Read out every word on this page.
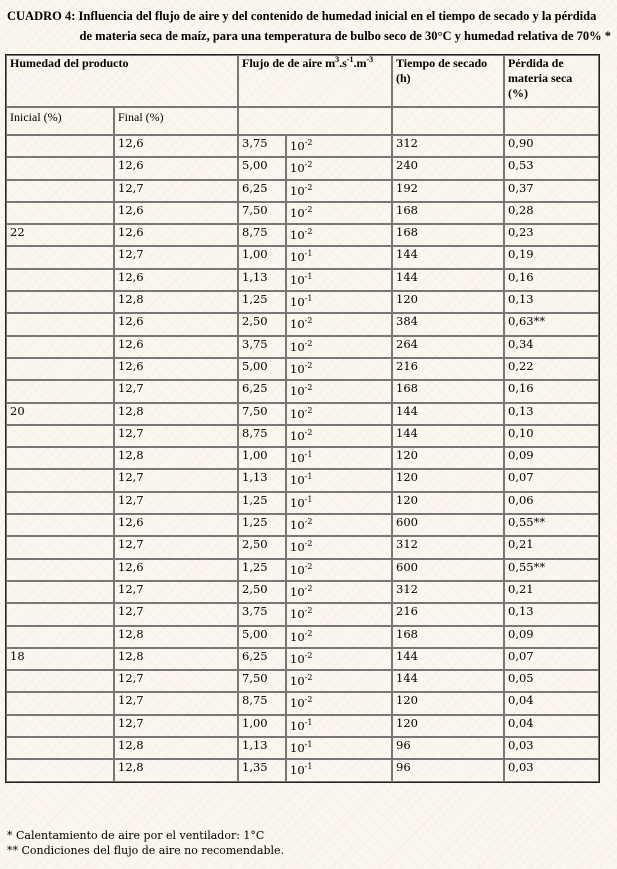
CUADRO 4: Influencia del flujo de aire y del contenido de humedad inicial en el tiempo de secado y la pérdida
de materia seca de maíz, para una temperatura de bulbo seco de 30°C y humedad relativa de 70% *
Humedad del producto		Flujo de de aire $m^3.s^{-1}.m^{-3}$		Tiempo de secado
(h)	Pérdida de
materia seca
(%)
Inicial (%)	Final (%)				
	12,6	3,75	$10^{-2}$	312	0,90
	12,6	5,00	$10^{-2}$	240	0,53
	12,7	6,25	$10^{-2}$	192	0,37
	12,6	7,50	$10^{-2}$	168	0,28
22	12,6	8,75	$10^{-2}$	168	0,23
	12,7	1,00	$10^{-1}$	144	0,19
	12,6	1,13	$10^{-1}$	144	0,16
	12,8	1,25	$10^{-1}$	120	0,13
	12,6	2,50	$10^{-2}$	384	0,63**
	12,6	3,75	$10^{-2}$	264	0,34
	12,6	5,00	$10^{-2}$	216	0,22
	12,7	6,25	$10^{-2}$	168	0,16
20	12,8	7,50	$10^{-2}$	144	0,13
	12,7	8,75	$10^{-2}$	144	0,10
	12,8	1,00	$10^{-1}$	120	0,09
	12,7	1,13	$10^{-1}$	120	0,07
	12,7	1,25	$10^{-1}$	120	0,06
	12,6	1,25	$10^{-2}$	600	0,55**
	12,7	2,50	$10^{-2}$	312	0,21
	12,6	1,25	$10^{-2}$	600	0,55**
	12,7	2,50	$10^{-2}$	312	0,21
	12,7	3,75	$10^{-2}$	216	0,13
	12,8	5,00	$10^{-2}$	168	0,09
18	12,8	6,25	$10^{-2}$	144	0,07
	12,7	7,50	$10^{-2}$	144	0,05
	12,7	8,75	$10^{-2}$	120	0,04
	12,7	1,00	$10^{-1}$	120	0,04
	12,8	1,13	$10^{-1}$	96	0,03
	12,8	1,35	$10^{-1}$	96	0,03
* Calentamiento de aire por el ventilador: 1°C
** Condiciones del flujo de aire no recomendable.
